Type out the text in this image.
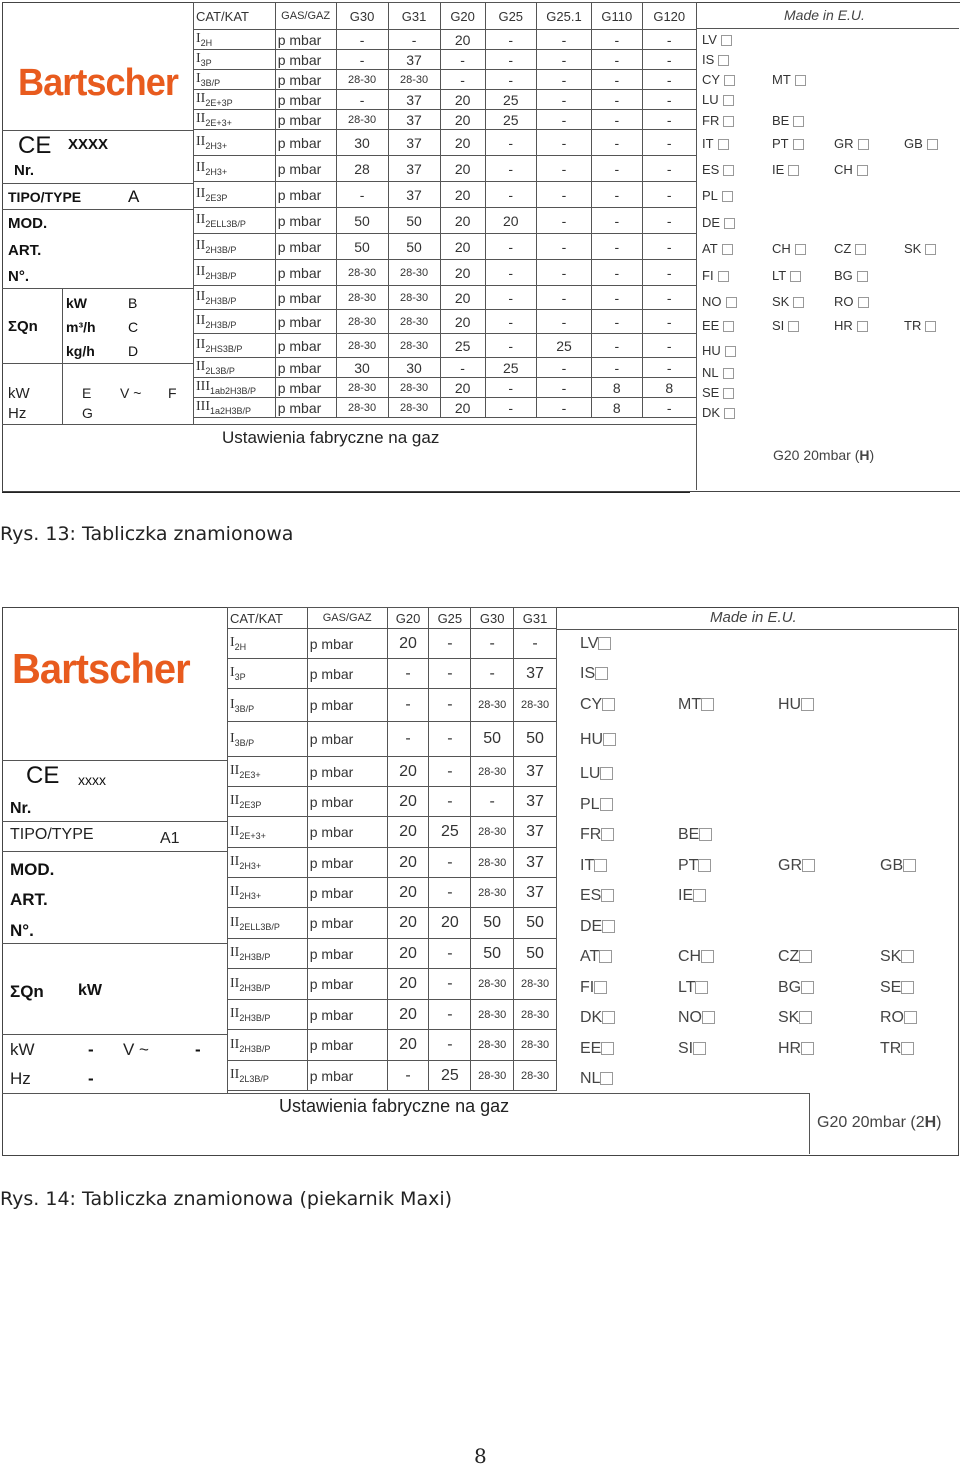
Bartscher
CE XXXX
Nr.
TIPO/TYPE	A
MOD.
ART.
N°.
kW	B
ΣQn m³/h C
kg/h D
kW	E V ~ F
Hz	G
CAT/KAT	GAS/GAZ	G30	G31	G20	G25	G25.1	G110	G120
$I_{2H}$	p mbar	-	-	20	-	-	-	-
$I_{3P}$	p mbar	-	37	-	-	-	-	-
$I_{3B/P}$	p mbar	28-30	28-30	-	-	-	-	-
$II_{2E+3P}$	p mbar	-	37	20	25	-	-	-
$II_{2E+3+}$	p mbar	28-30	37	20	25	-	-	-
$II_{2H3+}$	p mbar	30	37	20	-	-	-	-
$II_{2H3+}$	p mbar	28	37	20	-	-	-	-
$II_{2E3P}$	p mbar	-	37	20	-	-	-	-
$II_{2ELL3B/P}$	p mbar	50	50	20	20	-	-	-
$II_{2H3B/P}$	p mbar	50	50	20	-	-	-	-
$II_{2H3B/P}$	p mbar	28-30	28-30	20	-	-	-	-
$II_{2H3B/P}$	p mbar	28-30	28-30	20	-	-	-	-
$II_{2H3B/P}$	p mbar	28-30	28-30	20	-	-	-	-
$II_{2HS3B/P}$	p mbar	28-30	28-30	25	-	25	-	-
$II_{2L3B/P}$	p mbar	30	30	-	25	-	-	-
$III_{1ab2H3B/P}$	p mbar	28-30	28-30	20	-	-	8	8
$III_{1a2H3B/P}$	p mbar	28-30	28-30	20	-	-	8	-
Made in E.U.
LV
IS
CY	MT
LU
FR	BE
IT	PT	GR	GB
ES	IE	CH
PL
DE
AT	CH	CZ	SK
FI	LT	BG
NO	SK	RO
EE	SI	HR	TR
HU
NL
SE
DK
Ustawienia fabryczne na gaz
G20 20mbar (H)
Rys. 13: Tabliczka znamionowa
Bartscher
CE xxxx
Nr.
TIPO/TYPE	A1
MOD.
ART.
N°.
ΣQn kW
kW	- V ~	-
Hz	-
CAT/KAT	GAS/GAZ	G20	G25	G30	G31
$I_{2H}$	p mbar	20	-	-	-
$I_{3P}$	p mbar	-	-	-	37
$I_{3B/P}$	p mbar	-	-	28-30	28-30
$I_{3B/P}$	p mbar	-	-	50	50
$II_{2E3+}$	p mbar	20	-	28-30	37
$II_{2E3P}$	p mbar	20	-	-	37
$II_{2E+3+}$	p mbar	20	25	28-30	37
$II_{2H3+}$	p mbar	20	-	28-30	37
$II_{2H3+}$	p mbar	20	-	28-30	37
$II_{2ELL3B/P}$	p mbar	20	20	50	50
$II_{2H3B/P}$	p mbar	20	-	50	50
$II_{2H3B/P}$	p mbar	20	-	28-30	28-30
$II_{2H3B/P}$	p mbar	20	-	28-30	28-30
$II_{2H3B/P}$	p mbar	20	-	28-30	28-30
$II_{2L3B/P}$	p mbar	-	25	28-30	28-30
Made in E.U.
LV
IS
CY	MT	HU
HU
LU
PL
FR	BE
IT	PT	GR	GB
ES	IE
DE
AT	CH	CZ	SK
FI	LT	BG	SE
DK	NO	SK	RO
EE	SI	HR	TR
NL
Ustawienia fabryczne na gaz
G20 20mbar (2H)
Rys. 14: Tabliczka znamionowa (piekarnik Maxi)
8
